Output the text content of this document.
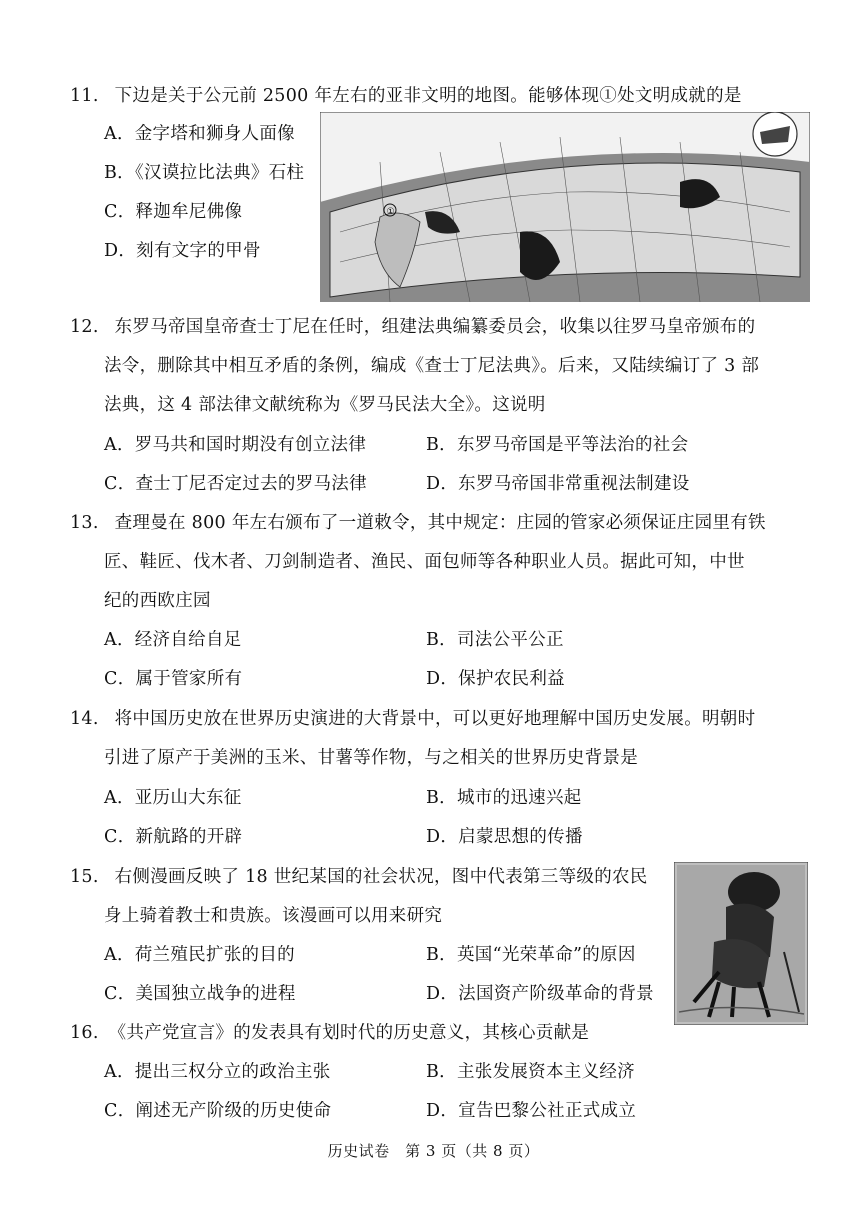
11. 下边是关于公元前 2500 年左右的亚非文明的地图。能够体现①处文明成就的是
A．金字塔和狮身人面像
B．《汉谟拉比法典》石柱
C．释迦牟尼佛像
D．刻有文字的甲骨
①
12. 东罗马帝国皇帝查士丁尼在任时，组建法典编纂委员会，收集以往罗马皇帝颁布的
法令，删除其中相互矛盾的条例，编成《查士丁尼法典》。后来，又陆续编订了 3 部
法典，这 4 部法律文献统称为《罗马民法大全》。这说明
A．罗马共和国时期没有创立法律	B．东罗马帝国是平等法治的社会
C．查士丁尼否定过去的罗马法律	D．东罗马帝国非常重视法制建设
13. 查理曼在 800 年左右颁布了一道敕令，其中规定：庄园的管家必须保证庄园里有铁
匠、鞋匠、伐木者、刀剑制造者、渔民、面包师等各种职业人员。据此可知，中世
纪的西欧庄园
A．经济自给自足	B．司法公平公正
C．属于管家所有	D．保护农民利益
14. 将中国历史放在世界历史演进的大背景中，可以更好地理解中国历史发展。明朝时
引进了原产于美洲的玉米、甘薯等作物，与之相关的世界历史背景是
A．亚历山大东征	B．城市的迅速兴起
C．新航路的开辟	D．启蒙思想的传播
15. 右侧漫画反映了 18 世纪某国的社会状况，图中代表第三等级的农民
身上骑着教士和贵族。该漫画可以用来研究
A．荷兰殖民扩张的目的	B．英国“光荣革命”的原因
C．美国独立战争的进程	D．法国资产阶级革命的背景
16. 《共产党宣言》的发表具有划时代的历史意义，其核心贡献是
A．提出三权分立的政治主张	B．主张发展资本主义经济
C．阐述无产阶级的历史使命	D．宣告巴黎公社正式成立
历史试卷　第 3 页（共 8 页）
